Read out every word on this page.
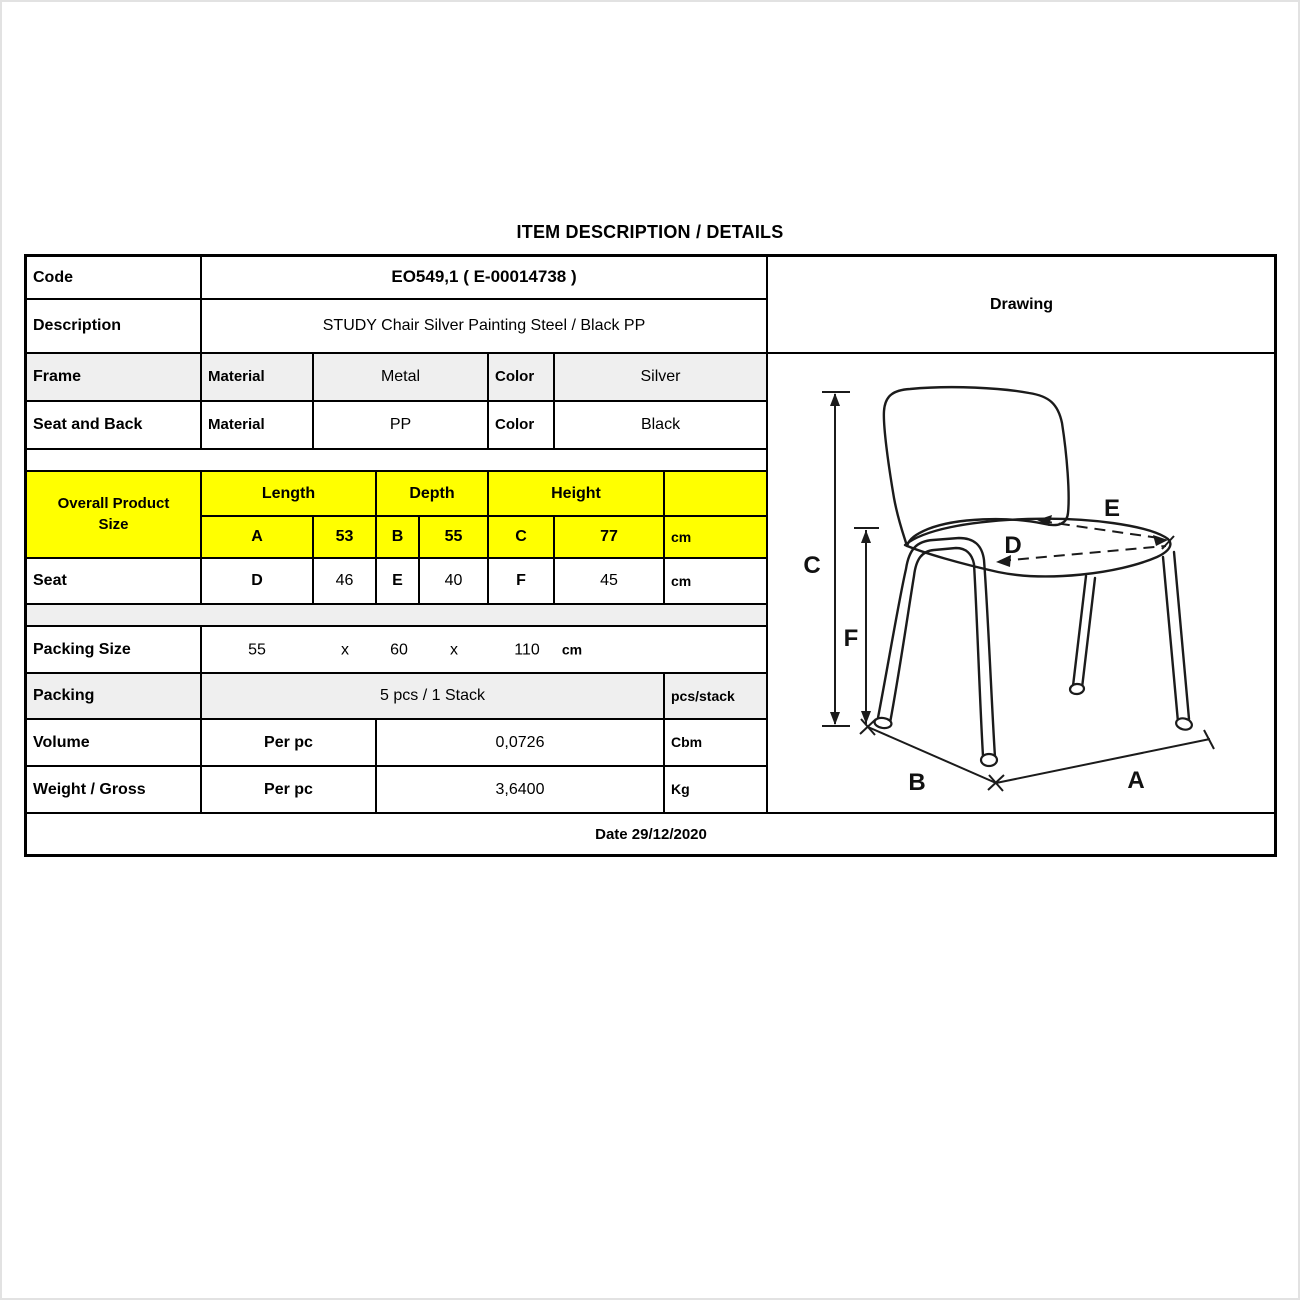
ITEM DESCRIPTION / DETAILS
Code	EO549,1 ( E-00014738 )
Drawing
Description	STUDY Chair Silver Painting Steel / Black PP
Frame	Material	Metal	Color	Silver
Seat and Back	Material	PP	Color	Black
Overall Product Size
Length	Depth	Height
A	53	B	55	C	77	cm
Seat	D	46	E	40	F	45	cm
Packing Size	55	x	60	x	110 cm
Packing	5 pcs / 1 Stack	pcs/stack
Volume	Per pc	0,0726	Cbm
Weight / Gross	Per pc	3,6400	Kg
Date 29/12/2020
C
F
D
E
B	A
